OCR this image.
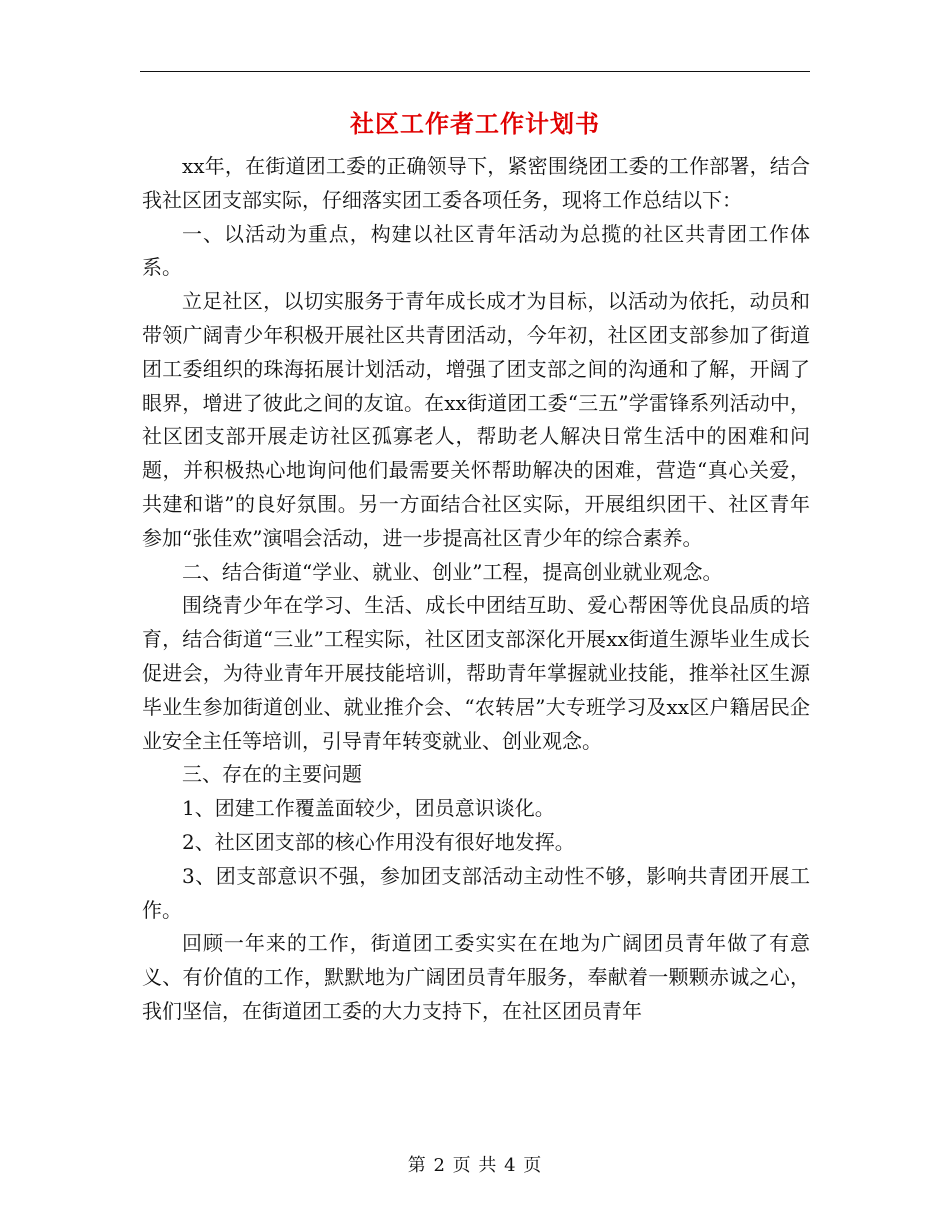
社区工作者工作计划书

xx年，在街道团工委的正确领导下，紧密围绕团工委的工作部署，结合我社区团支部实际，仔细落实团工委各项任务，现将工作总结以下：

一、以活动为重点，构建以社区青年活动为总揽的社区共青团工作体系。

立足社区，以切实服务于青年成长成才为目标，以活动为依托，动员和带领广阔青少年积极开展社区共青团活动，今年初，社区团支部参加了街道团工委组织的珠海拓展计划活动，增强了团支部之间的沟通和了解，开阔了眼界，增进了彼此之间的友谊。在xx街道团工委“三五”学雷锋系列活动中，社区团支部开展走访社区孤寡老人，帮助老人解决日常生活中的困难和问题，并积极热心地询问他们最需要关怀帮助解决的困难，营造“真心关爱，共建和谐”的良好氛围。另一方面结合社区实际，开展组织团干、社区青年参加“张佳欢”演唱会活动，进一步提高社区青少年的综合素养。

二、结合街道“学业、就业、创业”工程，提高创业就业观念。

围绕青少年在学习、生活、成长中团结互助、爱心帮困等优良品质的培育，结合街道“三业”工程实际，社区团支部深化开展xx街道生源毕业生成长促进会，为待业青年开展技能培训，帮助青年掌握就业技能，推举社区生源毕业生参加街道创业、就业推介会、“农转居”大专班学习及xx区户籍居民企业安全主任等培训，引导青年转变就业、创业观念。

三、存在的主要问题

1、团建工作覆盖面较少，团员意识谈化。

2、社区团支部的核心作用没有很好地发挥。

3、团支部意识不强，参加团支部活动主动性不够，影响共青团开展工作。

回顾一年来的工作，街道团工委实实在在地为广阔团员青年做了有意义、有价值的工作，默默地为广阔团员青年服务，奉献着一颗颗赤诚之心，我们坚信，在街道团工委的大力支持下，在社区团员青年

第 2 页 共 4 页
